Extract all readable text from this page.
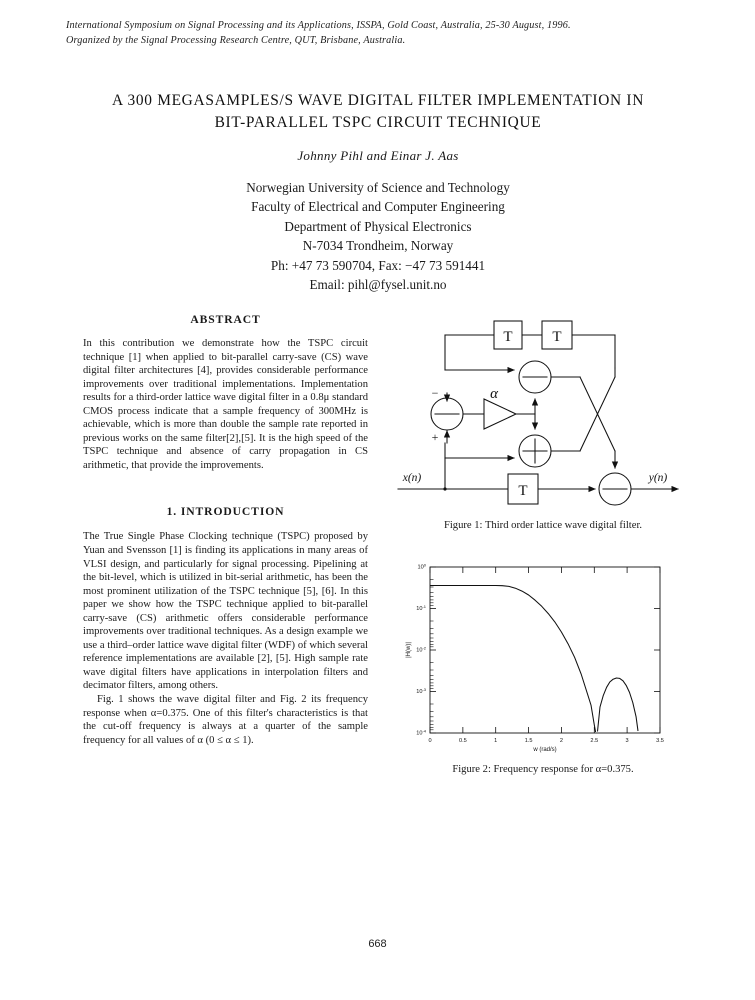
International Symposium on Signal Processing and its Applications, ISSPA, Gold Coast, Australia, 25-30 August, 1996.
Organized by the Signal Processing Research Centre, QUT, Brisbane, Australia.
A 300 MEGASAMPLES/S WAVE DIGITAL FILTER IMPLEMENTATION IN
BIT-PARALLEL TSPC CIRCUIT TECHNIQUE
Johnny Pihl and Einar J. Aas
Norwegian University of Science and Technology
Faculty of Electrical and Computer Engineering
Department of Physical Electronics
N-7034 Trondheim, Norway
Ph: +47 73 590704, Fax: −47 73 591441
Email: pihl@fysel.unit.no
ABSTRACT

In this contribution we demonstrate how the TSPC circuit technique [1] when applied to bit-parallel carry-save (CS) wave digital filter architectures [4], provides considerable performance improvements over traditional implementations. Implementation results for a third-order lattice wave digital filter in a 0.8μ standard CMOS process indicate that a sample frequency of 300MHz is achievable, which is more than double the sample rate reported in previous works on the same filter[2],[5]. It is the high speed of the TSPC technique and absence of carry propagation in CS arithmetic, that provide the improvements.

1. INTRODUCTION

The True Single Phase Clocking technique (TSPC) proposed by Yuan and Svensson [1] is finding its applications in many areas of VLSI design, and particularly for signal processing. Pipelining at the bit-level, which is utilized in bit-serial arithmetic, has been the most prominent utilization of the TSPC technique [5], [6]. In this paper we show how the TSPC technique applied to bit-parallel carry-save (CS) arithmetic offers considerable performance improvements over traditional techniques. As a design example we use a third–order lattice wave digital filter (WDF) of which several reference implementations are available [2], [5]. High sample rate wave digital filters have applications in interpolation filters and decimator filters, among others.

Fig. 1 shows the wave digital filter and Fig. 2 its frequency response when α=0.375. One of this filter's characteristics is that the cut-off frequency is always at a quarter of the sample frequency for all values of α (0 ≤ α ≤ 1).

T	T
T
α
−
+
x(n)	y(n)
Figure 1: Third order lattice wave digital filter.
$10^0$
$10^{-1}$
$10^{-2}$
$10^{-3}$
$10^{-4}$
0	0.5	1	1.5	2	2.5	3	3.5
w (rad/s)
|H(w)|
Figure 2: Frequency response for α=0.375.
668
